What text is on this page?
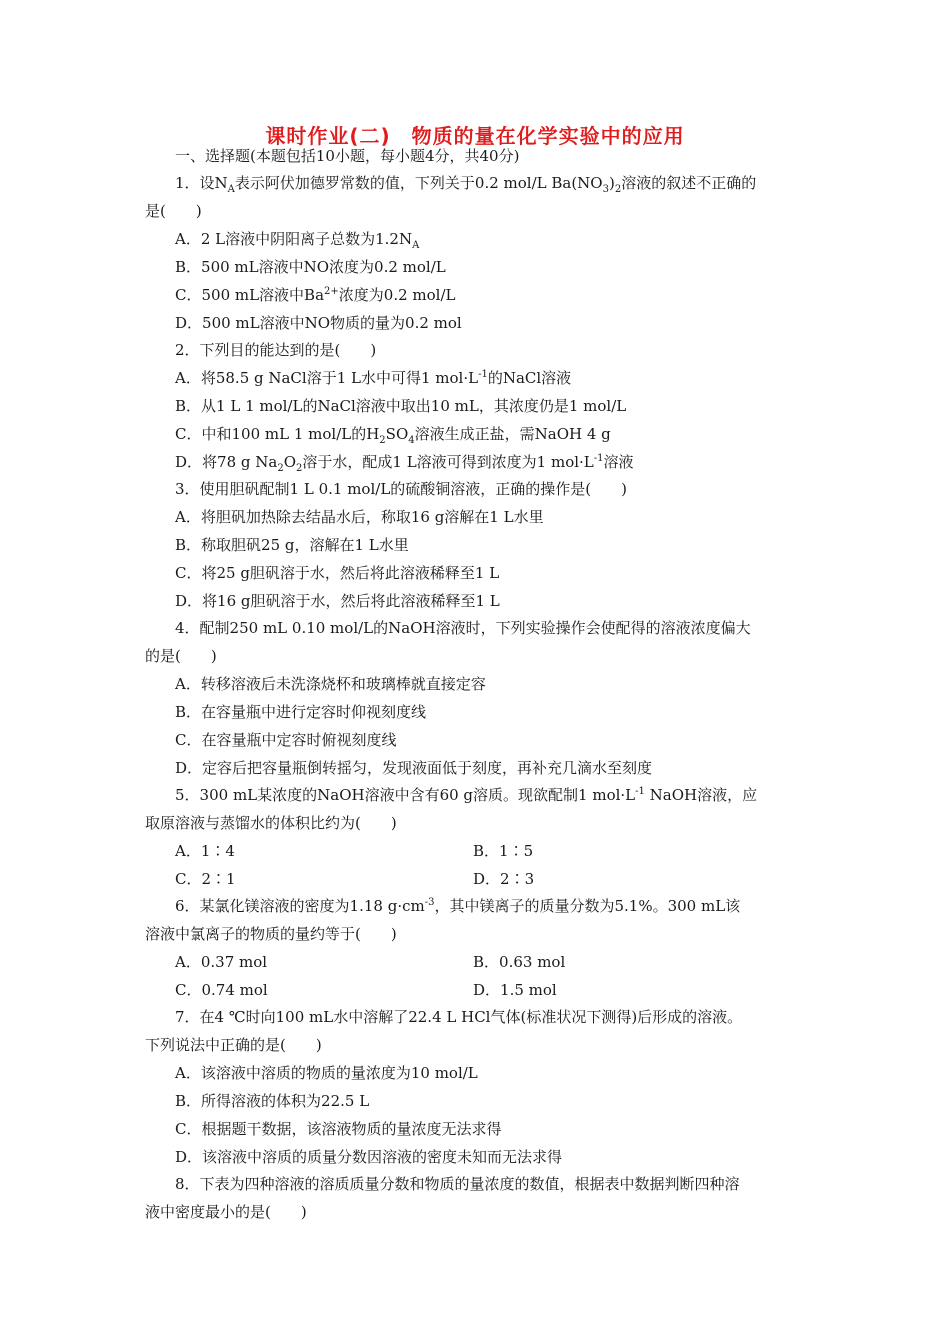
课时作业(二)　物质的量在化学实验中的应用
一、选择题(本题包括10小题，每小题4分，共40分)
1．设$N_A$表示阿伏加德罗常数的值，下列关于0.2 mol/L $Ba(NO_3)_2$溶液的叙述不正确的
是(　　)
A．2 L溶液中阴阳离子总数为$1.2N_A$
B．500 mL溶液中NO浓度为0.2 mol/L
C．500 mL溶液中$Ba^{2+}$浓度为0.2 mol/L
D．500 mL溶液中NO物质的量为0.2 mol
2．下列目的能达到的是(　　)
A．将58.5 g NaCl溶于1 L水中可得1 $mol\cdot L^{-1}$的NaCl溶液
B．从1 L 1 mol/L的NaCl溶液中取出10 mL，其浓度仍是1 mol/L
C．中和100 mL 1 mol/L的$H_2SO_4$溶液生成正盐，需NaOH 4 g
D．将78 g $Na_2O_2$溶于水，配成1 L溶液可得到浓度为1 $mol\cdot L^{-1}$溶液
3．使用胆矾配制1 L 0.1 mol/L的硫酸铜溶液，正确的操作是(　　)
A．将胆矾加热除去结晶水后，称取16 g溶解在1 L水里
B．称取胆矾25 g，溶解在1 L水里
C．将25 g胆矾溶于水，然后将此溶液稀释至1 L
D．将16 g胆矾溶于水，然后将此溶液稀释至1 L
4．配制250 mL 0.10 mol/L的NaOH溶液时，下列实验操作会使配得的溶液浓度偏大
的是(　　)
A．转移溶液后未洗涤烧杯和玻璃棒就直接定容
B．在容量瓶中进行定容时仰视刻度线
C．在容量瓶中定容时俯视刻度线
D．定容后把容量瓶倒转摇匀，发现液面低于刻度，再补充几滴水至刻度
5．300 mL某浓度的NaOH溶液中含有60 g溶质。现欲配制1 $mol\cdot L^{-1}$ NaOH溶液，应
取原溶液与蒸馏水的体积比约为(　　)
A．1∶4	B．1∶5
C．2∶1	D．2∶3
6．某氯化镁溶液的密度为1.18 $g\cdot cm^{-3}$，其中镁离子的质量分数为5.1%。300 mL该
溶液中氯离子的物质的量约等于(　　)
A．0.37 mol	B．0.63 mol
C．0.74 mol	D．1.5 mol
7．在4 ℃时向100 mL水中溶解了22.4 L HCl气体(标准状况下测得)后形成的溶液。
下列说法中正确的是(　　)
A．该溶液中溶质的物质的量浓度为10 mol/L
B．所得溶液的体积为22.5 L
C．根据题干数据，该溶液物质的量浓度无法求得
D．该溶液中溶质的质量分数因溶液的密度未知而无法求得
8．下表为四种溶液的溶质质量分数和物质的量浓度的数值，根据表中数据判断四种溶
液中密度最小的是(　　)
